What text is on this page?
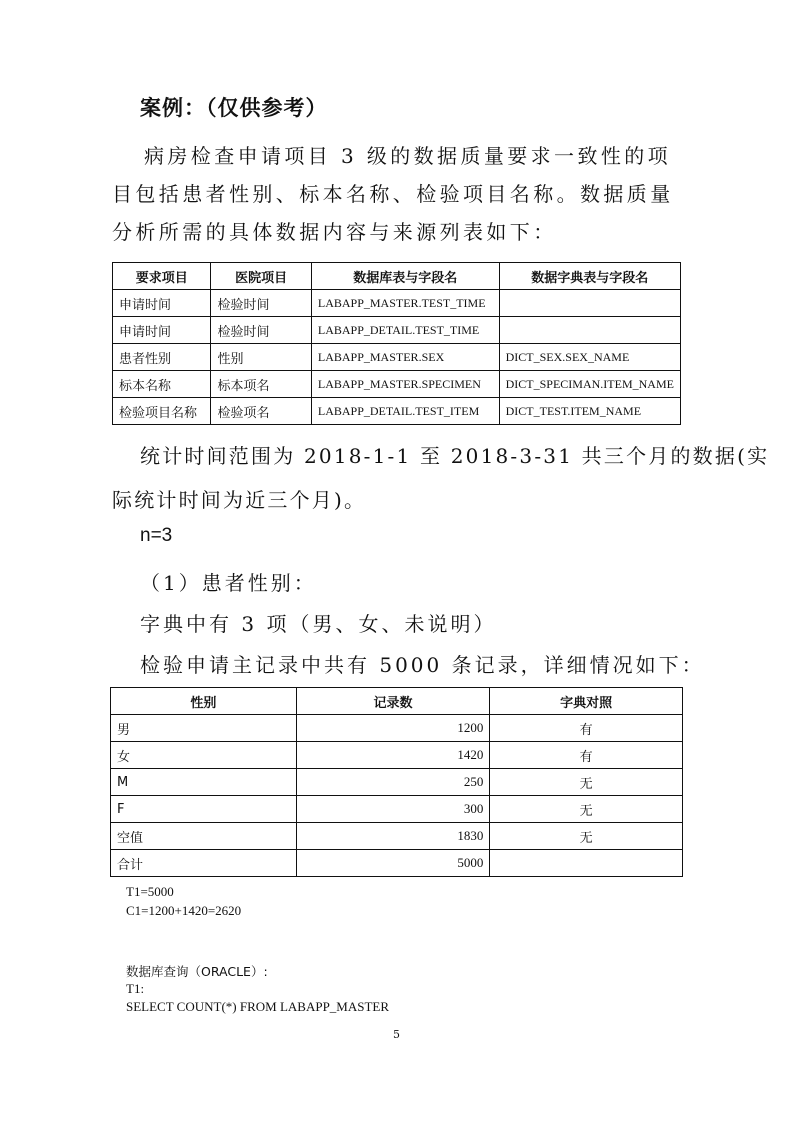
案例：（仅供参考）
病房检查申请项目 3 级的数据质量要求一致性的项目包括患者性别、标本名称、检验项目名称。数据质量分析所需的具体数据内容与来源列表如下：
要求项目	医院项目	数据库表与字段名	数据字典表与字段名
申请时间	检验时间	LABAPP_MASTER.TEST_TIME	
申请时间	检验时间	LABAPP_DETAIL.TEST_TIME	
患者性别	性别	LABAPP_MASTER.SEX	DICT_SEX.SEX_NAME
标本名称	标本项名	LABAPP_MASTER.SPECIMEN	DICT_SPECIMAN.ITEM_NAME
检验项目名称	检验项名	LABAPP_DETAIL.TEST_ITEM	DICT_TEST.ITEM_NAME
统计时间范围为 2018-1-1 至 2018-3-31 共三个月的数据(实
际统计时间为近三个月)。
n=3
（1）患者性别：
字典中有 3 项（男、女、未说明）
检验申请主记录中共有 5000 条记录，详细情况如下：
性别	记录数	字典对照
男	1200	有
女	1420	有
M	250	无
F	300	无
空值	1830	无
合计	5000	
T1=5000
C1=1200+1420=2620
数据库查询（ORACLE）:
T1:
SELECT COUNT(*) FROM LABAPP_MASTER
5
